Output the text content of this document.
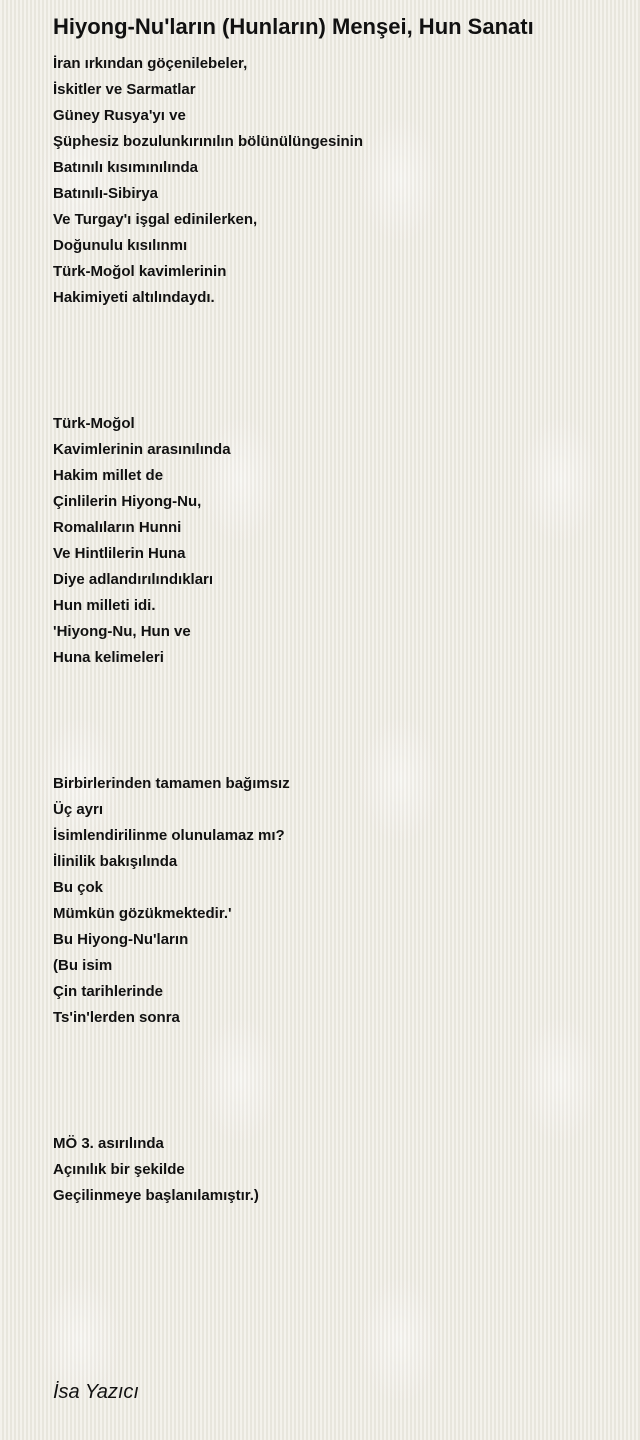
Hiyong-Nu'ların (Hunların) Menşei, Hun Sanatı
İran ırkından göçenilebeler,
İskitler ve Sarmatlar
Güney Rusya'yı ve
Şüphesiz bozulunkırınılın bölünülüngesinin
Batınılı kısımınılında
Batınılı-Sibirya
Ve Turgay'ı işgal edinilerken,
Doğunulu kısılınmı
Türk-Moğol kavimlerinin
Hakimiyeti altılındaydı.
Türk-Moğol
Kavimlerinin arasınılında
Hakim millet de
Çinlilerin Hiyong-Nu,
Romalıların Hunni
Ve Hintlilerin Huna
Diye adlandırılındıkları
Hun milleti idi.
'Hiyong-Nu, Hun ve
Huna kelimeleri
Birbirlerinden tamamen bağımsız
Üç ayrı
İsimlendirilinme olunulamaz mı?
İlinilik bakışılında
Bu çok
Mümkün gözükmektedir.'
Bu Hiyong-Nu'ların
(Bu isim
Çin tarihlerinde
Ts'in'lerden sonra
MÖ 3. asırılında
Açınılık bir şekilde
Geçilinmeye başlanılamıştır.)
İsa Yazıcı
